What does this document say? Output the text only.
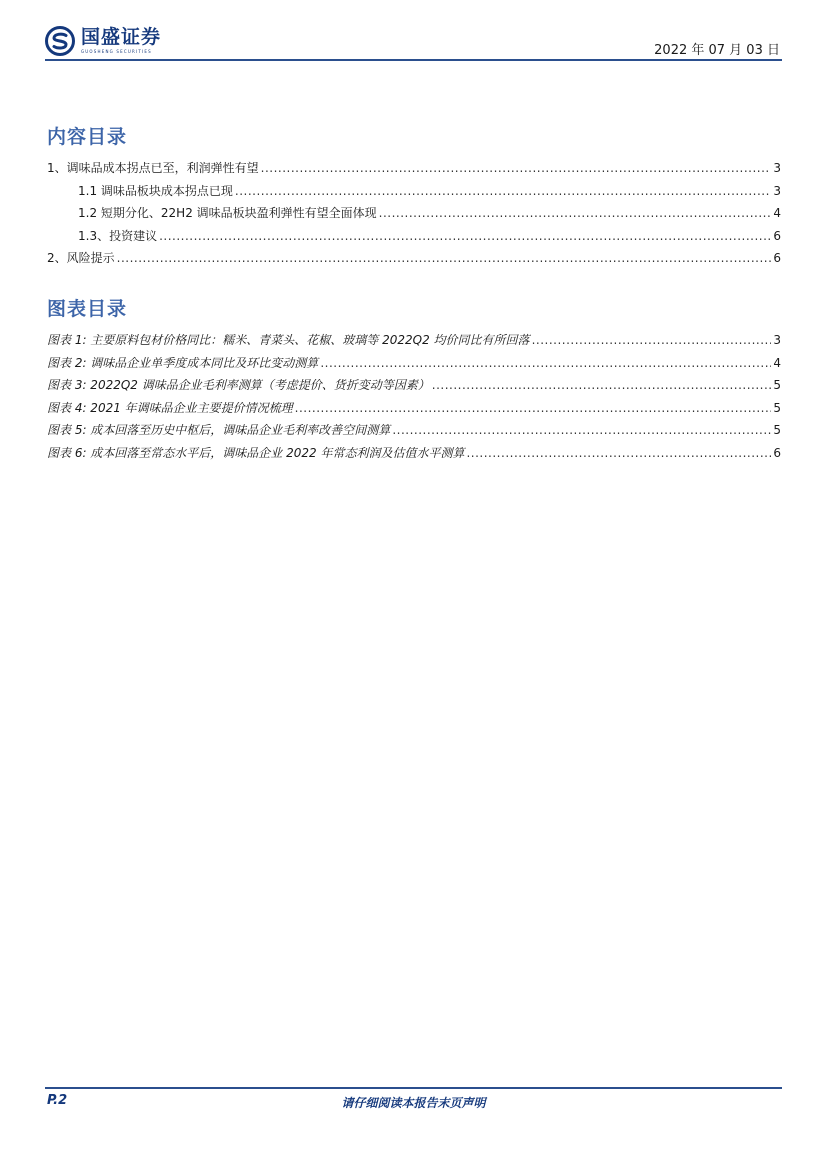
国盛证券
GUOSHENG SECURITIES	2022 年 07 月 03 日
内容目录
1、调味品成本拐点已至，利润弹性有望 .....	3
1.1 调味品板块成本拐点已现 .....	3
1.2 短期分化、22H2 调味品板块盈利弹性有望全面体现 .....	4
1.3、投资建议 .....	6
2、风险提示 .....	6
图表目录
图表 1: 主要原料包材价格同比：糯米、青菜头、花椒、玻璃等 2022Q2 均价同比有所回落 .....	3
图表 2: 调味品企业单季度成本同比及环比变动测算 .....	4
图表 3: 2022Q2 调味品企业毛利率测算（考虑提价、货折变动等因素） .....	5
图表 4: 2021 年调味品企业主要提价情况梳理 .....	5
图表 5: 成本回落至历史中枢后，调味品企业毛利率改善空间测算 .....	5
图表 6: 成本回落至常态水平后，调味品企业 2022 年常态利润及估值水平测算 .....	6
P.2	请仔细阅读本报告末页声明
